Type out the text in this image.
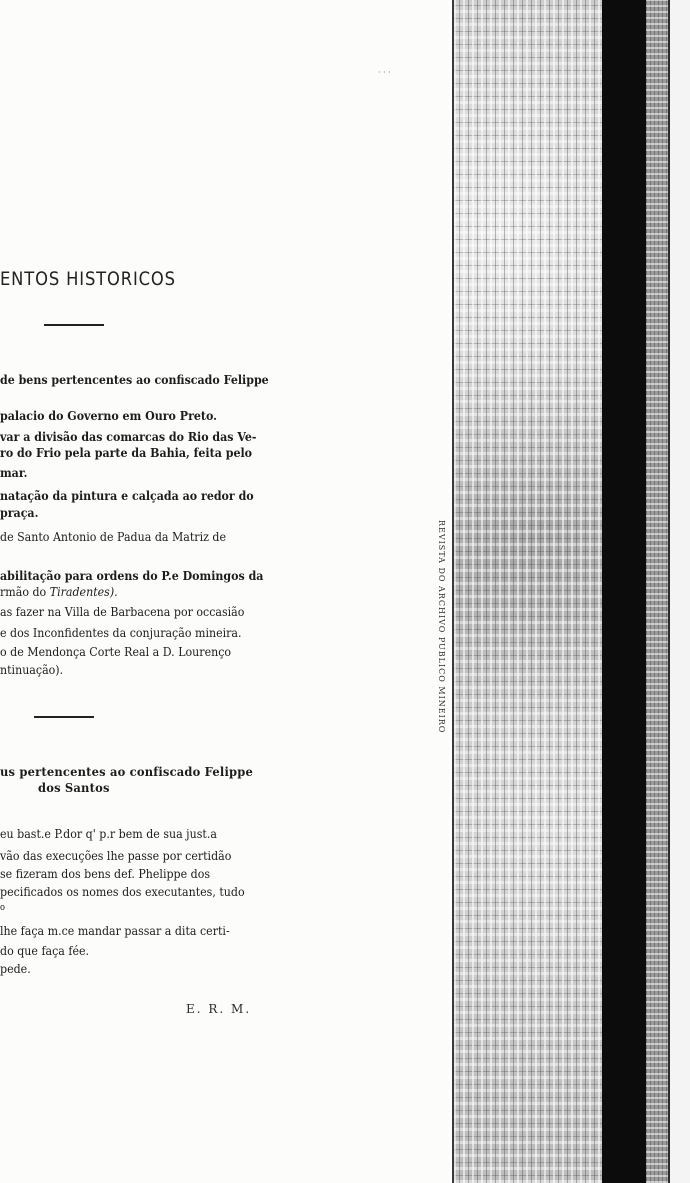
· · ·
ENTOS HISTORICOS
de bens pertencentes ao confiscado Felippe
palacio do Governo em Ouro Preto.
var a divisão das comarcas do Rio das Ve-
ro do Frio pela parte da Bahia, feita pelo
mar.
natação da pintura e calçada ao redor do
praça.
de Santo Antonio de Padua da Matriz de
abilitação para ordens do P.e Domingos da
rmão do Tiradentes).
as fazer na Villa de Barbacena por occasião
e dos Inconfidentes da conjuração mineira.
o de Mendonça Corte Real a D. Lourenço
ntinuação).
us pertencentes ao confiscado Felippe
dos Santos
eu bast.e P.dor q' p.r bem de sua just.a
vão das execuções lhe passe por certidão
se fizeram dos bens def. Phelippe dos
pecificados os nomes dos executantes, tudo
o
lhe faça m.ce mandar passar a dita certi-
do que faça fée.
pede.
E. R. M.
REVISTA DO ARCHIVO PUBLICO MINEIRO
